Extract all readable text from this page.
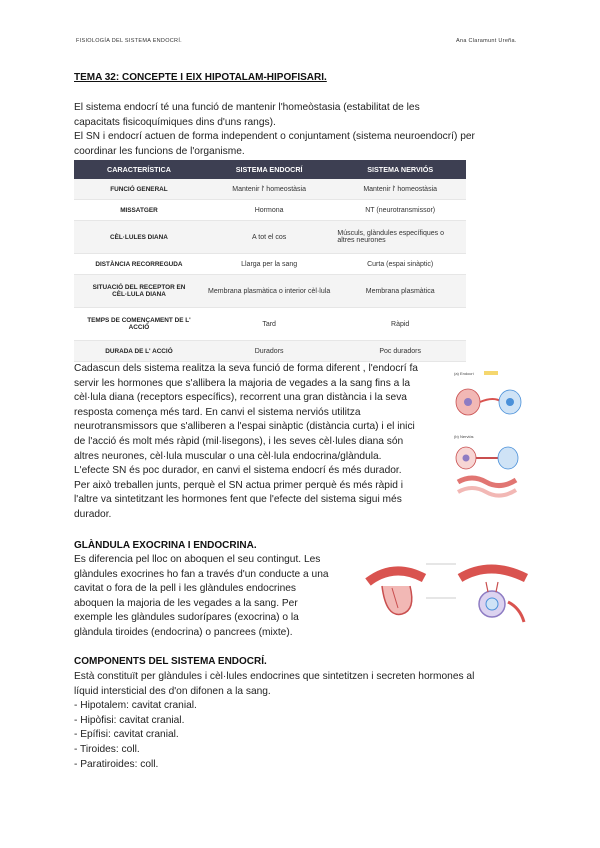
FISIOLOGÍA DEL SISTEMA ENDOCRÍ.	Ana Claramunt Ureña.
TEMA 32: CONCEPTE I EIX HIPOTALAM-HIPOFISARI.
El sistema endocrí té una funció de mantenir l'homeòstasia (estabilitat de les
capacitats fisicoquímiques dins d'uns rangs).
El SN i endocrí actuen de forma independent o conjuntament (sistema neuroendocrí) per
coordinar les funcions de l'organisme.
CARACTERÍSTICA	SISTEMA ENDOCRÍ	SISTEMA NERVIÓS
FUNCIÓ GENERAL	Mantenir l' homeostàsia	Mantenir l' homeostàsia
MISSATGER	Hormona	NT (neurotransmissor)
CÈL·LULES DIANA	A tot el cos	Músculs, glàndules específiques o altres neurones
DISTÀNCIA RECORREGUDA	Llarga per la sang	Curta (espai sinàptic)
SITUACIÓ DEL RECEPTOR EN CÈL·LULA DIANA	Membrana plasmàtica o interior cèl·lula	Membrana plasmàtica
TEMPS DE COMENÇAMENT DE L' ACCIÓ	Tard	Ràpid
DURADA DE L' ACCIÓ	Duradors	Poc duradors
Cadascun dels sistema realitza la seva funció de forma diferent , l'endocrí fa
servir les hormones que s'allibera la majoria de vegades a la sang fins a la
cèl·lula diana (receptors específics), recorrent una gran distància i la seva
resposta comença més tard. En canvi el sistema nerviós utilitza
neurotransmissors que s'alliberen a l'espai sinàptic (distància curta) i el inici
de l'acció és molt més ràpid (mil·lisegons), i les seves cèl·lules diana són
altres neurones, cèl·lula muscular o una cèl·lula endocrina/glàndula.
L'efecte SN és poc durador, en canvi el sistema endocrí és més durador.
Per això treballen junts, perquè el SN actua primer perquè és més ràpid i
l'altre va sintetitzant les hormones fent que l'efecte del sistema sigui més
durador.
(a) Endocrí
(b) Nerviós
GLÀNDULA EXOCRINA I ENDOCRINA.
Es diferencia pel lloc on aboquen el seu contingut. Les
glàndules exocrines ho fan a través d'un conducte a una
cavitat o fora de la pell i les glàndules endocrines
aboquen la majoria de les vegades a la sang. Per
exemple les glàndules sudorípares (exocrina) o la
glàndula tiroides (endocrina) o pancrees (mixte).
COMPONENTS DEL SISTEMA ENDOCRÍ.
Està constituït per glàndules i cèl·lules endocrines que sintetitzen i secreten hormones al
líquid intersticial des d'on difonen a la sang.
- Hipotalem: cavitat cranial.
- Hipòfisi: cavitat cranial.
- Epífisi: cavitat cranial.
- Tiroides: coll.
- Paratiroides: coll.
